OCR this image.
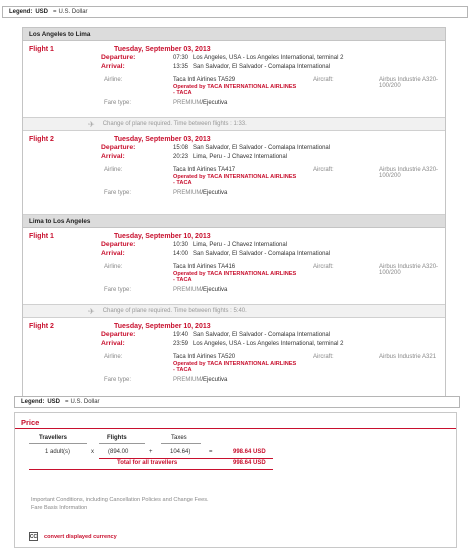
Legend: USD = U.S. Dollar
Los Angeles to Lima
Flight 1	Tuesday, September 03, 2013
Departure:	07:30 Los Angeles, USA - Los Angeles International, terminal 2
Arrival:	13:35 San Salvador, El Salvador - Comalapa International
Airline:	Taca Intl Airlines TA529
Operated by TACA INTERNATIONAL AIRLINES - TACA
Aircraft:	Airbus Industrie A320-100/200
Fare type:	PREMIUM/Ejecutiva
✈ Change of plane required. Time between flights : 1:33.
Flight 2	Tuesday, September 03, 2013
Departure:	15:08 San Salvador, El Salvador - Comalapa International
Arrival:	20:23 Lima, Peru - J Chavez International
Airline:	Taca Intl Airlines TA417
Operated by TACA INTERNATIONAL AIRLINES - TACA
Aircraft:	Airbus Industrie A320-100/200
Fare type:	PREMIUM/Ejecutiva
Lima to Los Angeles
Flight 1	Tuesday, September 10, 2013
Departure:	10:30 Lima, Peru - J Chavez International
Arrival:	14:00 San Salvador, El Salvador - Comalapa International
Airline:	Taca Intl Airlines TA416
Operated by TACA INTERNATIONAL AIRLINES - TACA
Aircraft:	Airbus Industrie A320-100/200
Fare type:	PREMIUM/Ejecutiva
✈ Change of plane required. Time between flights : 5:40.
Flight 2	Tuesday, September 10, 2013
Departure:	19:40 San Salvador, El Salvador - Comalapa International
Arrival:	23:59 Los Angeles, USA - Los Angeles International, terminal 2
Airline:	Taca Intl Airlines TA520
Operated by TACA INTERNATIONAL AIRLINES - TACA
Aircraft:	Airbus Industrie A321
Fare type:	PREMIUM/Ejecutiva
Legend: USD = U.S. Dollar
Price
Travellers	Flights	Taxes
1 adult(s)	x (894.00	+	104.64)	=	998.64 USD
Total for all travellers	998.64 USD
Important Conditions, including Cancellation Policies and Change Fees.
Fare Basis Information
CC convert displayed currency
